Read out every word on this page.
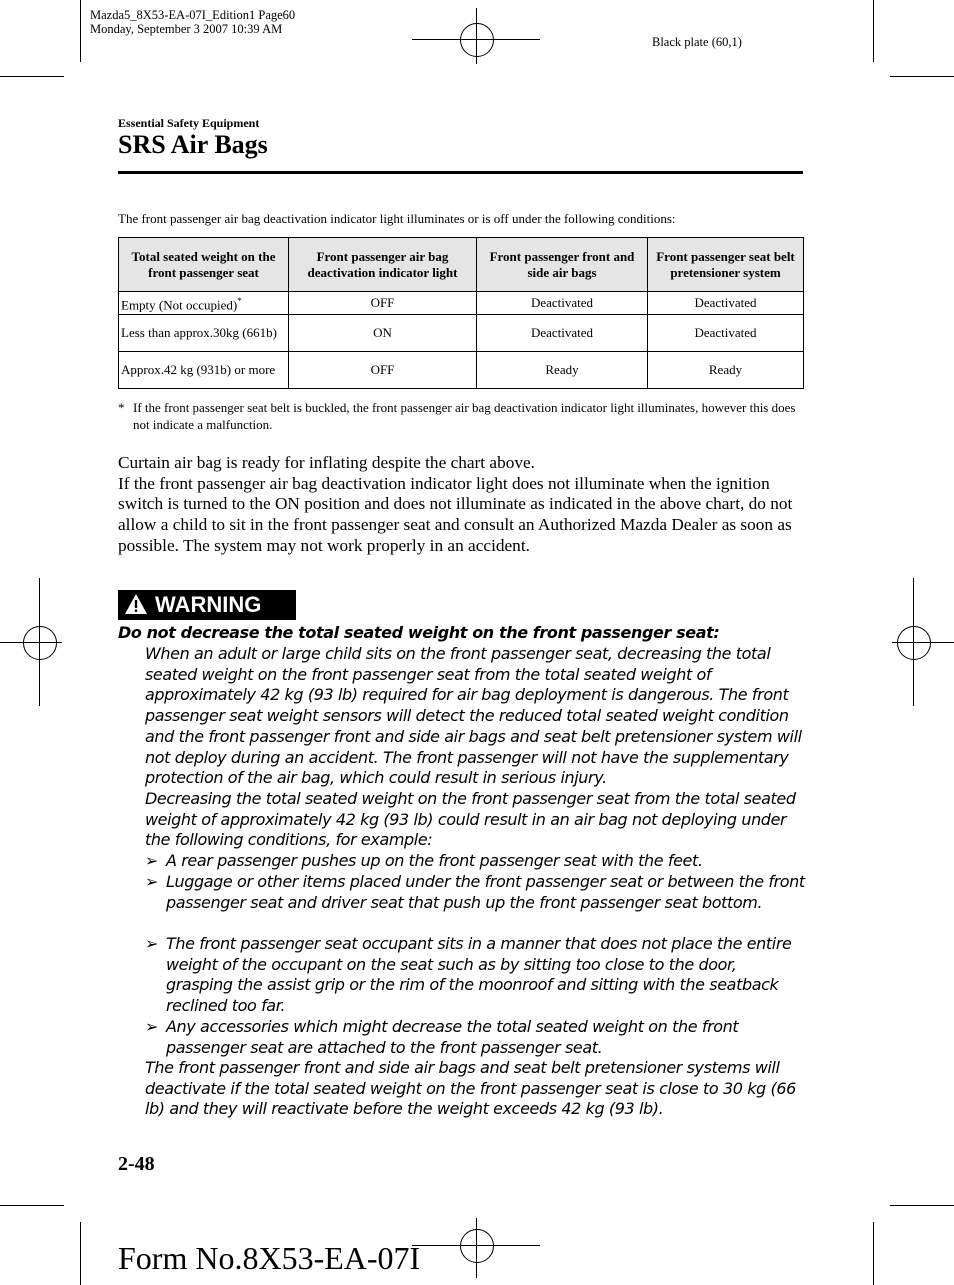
Mazda5_8X53-EA-07I_Edition1 Page60
Monday, September 3 2007 10:39 AM
Black plate (60,1)
Essential Safety Equipment
SRS Air Bags
The front passenger air bag deactivation indicator light illuminates or is off under the following conditions:
Total seated weight on the front passenger seat	Front passenger air bag deactivation indicator light	Front passenger front and side air bags	Front passenger seat belt pretensioner system
Empty (Not occupied)*	OFF	Deactivated	Deactivated
Less than approx.30kg (661b)	ON	Deactivated	Deactivated
Approx.42 kg (931b) or more	OFF	Ready	Ready
* If the front passenger seat belt is buckled, the front passenger air bag deactivation indicator light illuminates, however this does not indicate a malfunction.
Curtain air bag is ready for inflating despite the chart above.
If the front passenger air bag deactivation indicator light does not illuminate when the ignition switch is turned to the ON position and does not illuminate as indicated in the above chart, do not allow a child to sit in the front passenger seat and consult an Authorized Mazda Dealer as soon as possible. The system may not work properly in an accident.
WARNING
Do not decrease the total seated weight on the front passenger seat:
When an adult or large child sits on the front passenger seat, decreasing the total seated weight on the front passenger seat from the total seated weight of approximately 42 kg (93 lb) required for air bag deployment is dangerous. The front passenger seat weight sensors will detect the reduced total seated weight condition and the front passenger front and side air bags and seat belt pretensioner system will not deploy during an accident. The front passenger will not have the supplementary protection of the air bag, which could result in serious injury.
Decreasing the total seated weight on the front passenger seat from the total seated weight of approximately 42 kg (93 lb) could result in an air bag not deploying under the following conditions, for example:
➢ A rear passenger pushes up on the front passenger seat with the feet.
➢ Luggage or other items placed under the front passenger seat or between the front passenger seat and driver seat that push up the front passenger seat bottom.
➢ The front passenger seat occupant sits in a manner that does not place the entire weight of the occupant on the seat such as by sitting too close to the door, grasping the assist grip or the rim of the moonroof and sitting with the seatback reclined too far.
➢ Any accessories which might decrease the total seated weight on the front passenger seat are attached to the front passenger seat.
The front passenger front and side air bags and seat belt pretensioner systems will deactivate if the total seated weight on the front passenger seat is close to 30 kg (66 lb) and they will reactivate before the weight exceeds 42 kg (93 lb).
2-48
Form No.8X53-EA-07I
